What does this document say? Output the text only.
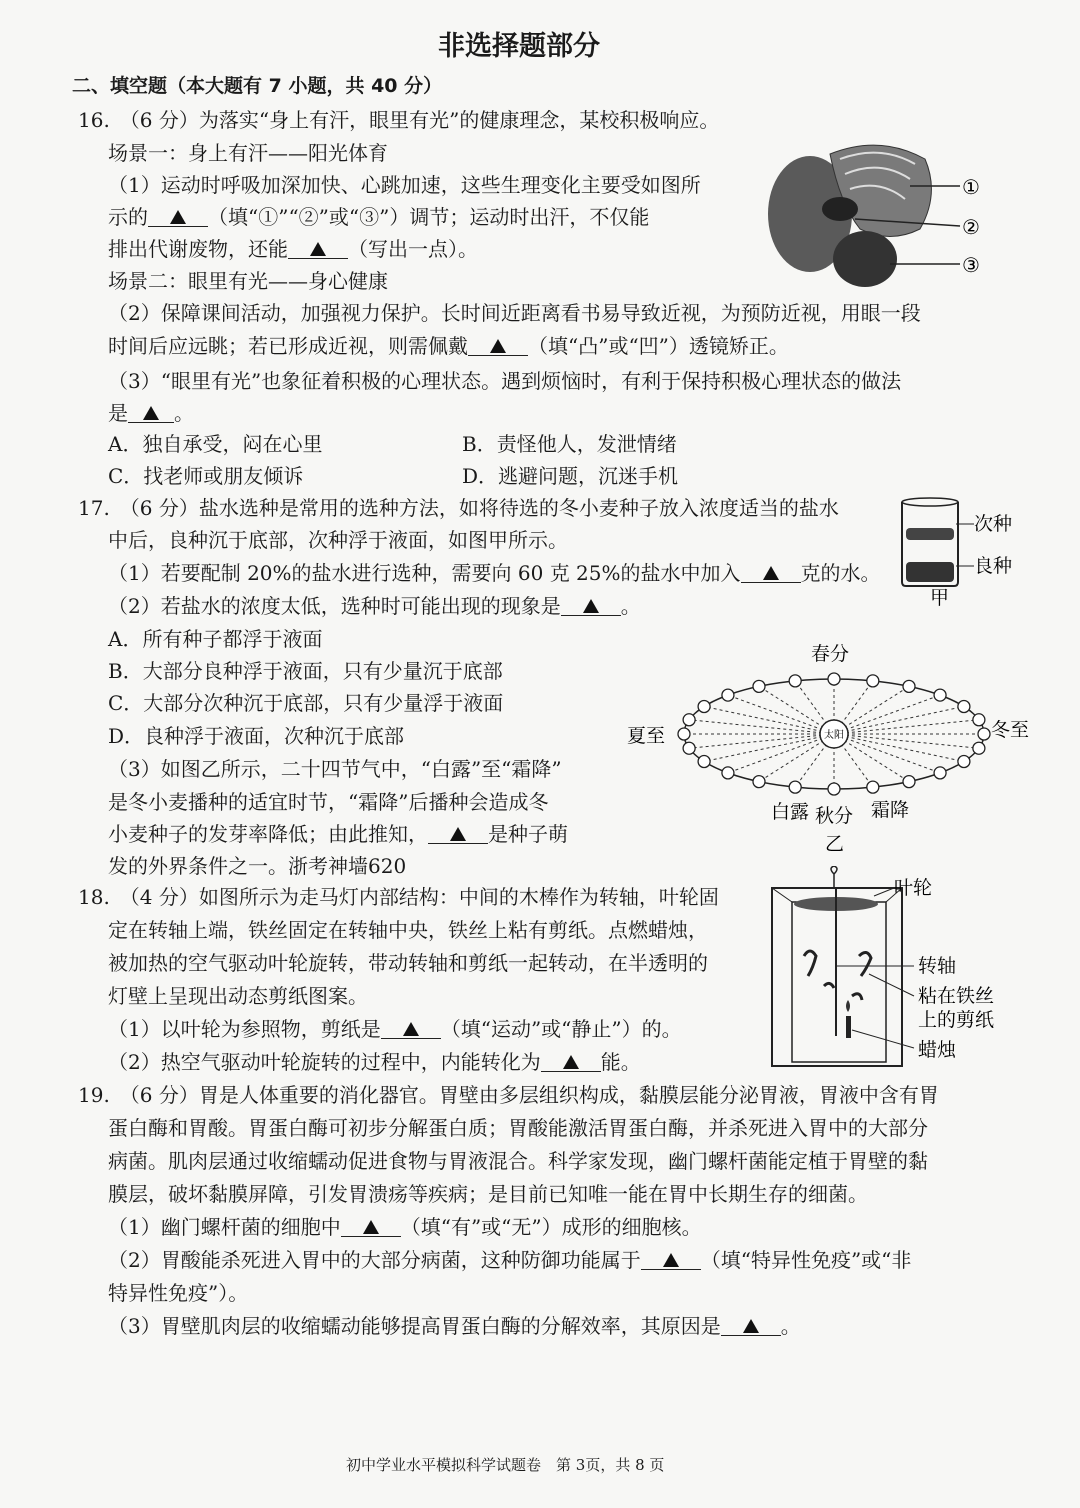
非选择题部分
二、填空题（本大题有 7 小题，共 40 分）
16.　（6 分）为落实“身上有汗，眼里有光”的健康理念，某校积极响应。
场景一：身上有汗——阳光体育
（1）运动时呼吸加深加快、心跳加速，这些生理变化主要受如图所
示的	（填“①”“②”或“③”）调节；运动时出汗，不仅能
排出代谢废物，还能	（写出一点）。
场景二：眼里有光——身心健康
（2）保障课间活动，加强视力保护。长时间近距离看书易导致近视，为预防近视，用眼一段
时间后应远眺；若已形成近视，则需佩戴	（填“凸”或“凹”）透镜矫正。
（3）“眼里有光”也象征着积极的心理状态。遇到烦恼时，有利于保持积极心理状态的做法
是 。
A．独自承受，闷在心里	B．责怪他人，发泄情绪
C．找老师或朋友倾诉	D．逃避问题，沉迷手机
①
②
③
17.　（6 分）盐水选种是常用的选种方法，如将待选的冬小麦种子放入浓度适当的盐水
中后，良种沉于底部，次种浮于液面，如图甲所示。
（1）若要配制 20%的盐水进行选种，需要向 60 克 25%的盐水中加入	克的水。
（2）若盐水的浓度太低，选种时可能出现的现象是	。
A．所有种子都浮于液面
B．大部分良种浮于液面，只有少量沉于底部
C．大部分次种沉于底部，只有少量浮于液面
D．良种浮于液面，次种沉于底部
（3）如图乙所示，二十四节气中，“白露”至“霜降”
是冬小麦播种的适宜时节，“霜降”后播种会造成冬
小麦种子的发芽率降低；由此推知，	是种子萌
发的外界条件之一。浙考神墙620
次种
良种
甲
太阳
春分
夏至	冬至
白露 秋分 霜降
乙
18.　（4 分）如图所示为走马灯内部结构：中间的木棒作为转轴，叶轮固
定在转轴上端，铁丝固定在转轴中央，铁丝上粘有剪纸。点燃蜡烛，
被加热的空气驱动叶轮旋转，带动转轴和剪纸一起转动，在半透明的
灯壁上呈现出动态剪纸图案。
（1）以叶轮为参照物，剪纸是	（填“运动”或“静止”）的。
（2）热空气驱动叶轮旋转的过程中，内能转化为	能。
叶轮
转轴
粘在铁丝
上的剪纸
蜡烛
19.　（6 分）胃是人体重要的消化器官。胃壁由多层组织构成，黏膜层能分泌胃液，胃液中含有胃
蛋白酶和胃酸。胃蛋白酶可初步分解蛋白质；胃酸能激活胃蛋白酶，并杀死进入胃中的大部分
病菌。肌肉层通过收缩蠕动促进食物与胃液混合。科学家发现，幽门螺杆菌能定植于胃壁的黏
膜层，破坏黏膜屏障，引发胃溃疡等疾病；是目前已知唯一能在胃中长期生存的细菌。
（1）幽门螺杆菌的细胞中	（填“有”或“无”）成形的细胞核。
（2）胃酸能杀死进入胃中的大部分病菌，这种防御功能属于	（填“特异性免疫”或“非
特异性免疫”）。
（3）胃壁肌肉层的收缩蠕动能够提高胃蛋白酶的分解效率，其原因是	。
初中学业水平模拟科学试题卷　第 3页，共 8 页
